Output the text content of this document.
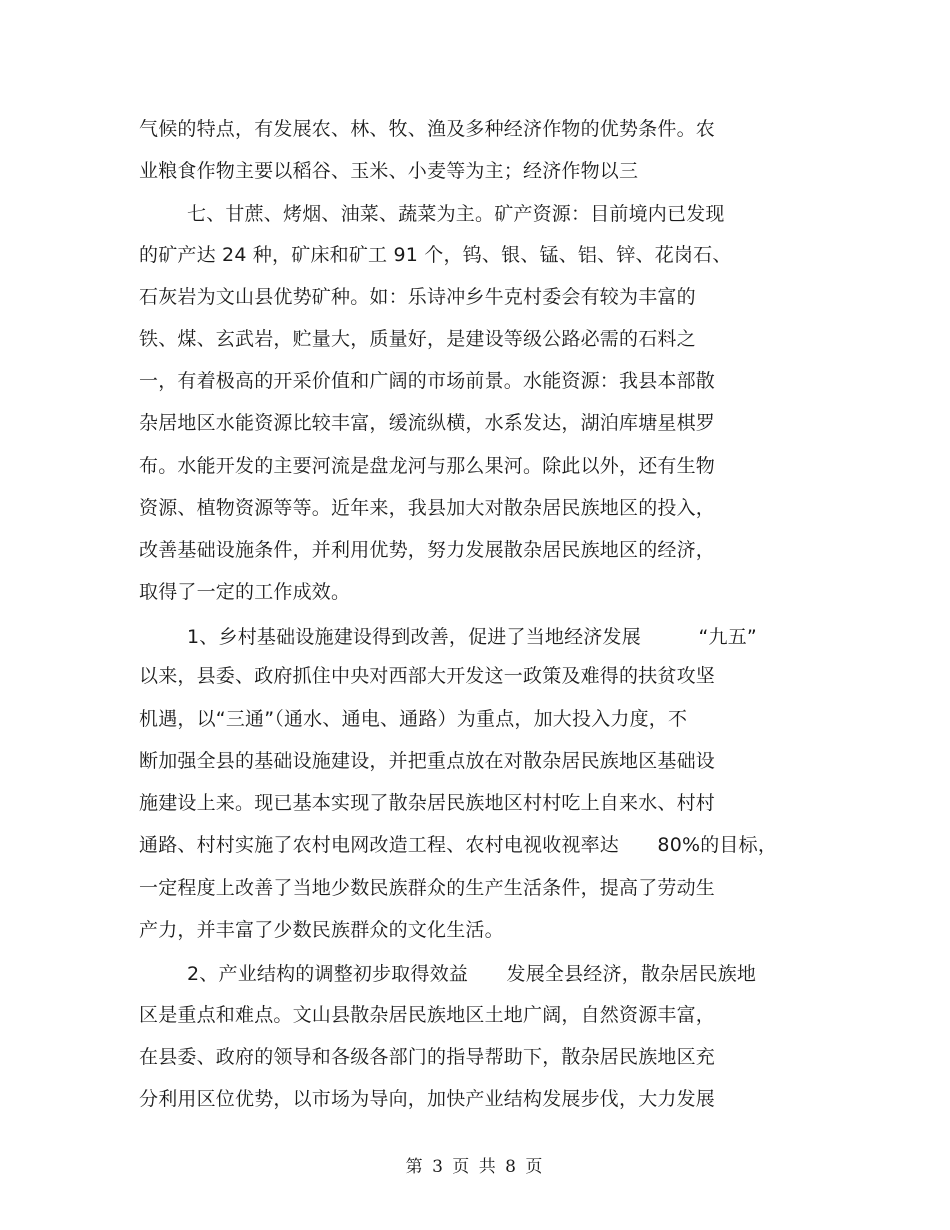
气候的特点，有发展农、林、牧、渔及多种经济作物的优势条件。农
业粮食作物主要以稻谷、玉米、小麦等为主；经济作物以三
七、甘蔗、烤烟、油菜、蔬菜为主。矿产资源：目前境内已发现
的矿产达 24 种，矿床和矿工 91 个，钨、银、锰、铝、锌、花岗石、
石灰岩为文山县优势矿种。如：乐诗冲乡牛克村委会有较为丰富的
铁、煤、玄武岩，贮量大，质量好，是建设等级公路必需的石料之
一，有着极高的开采价值和广阔的市场前景。水能资源：我县本部散
杂居地区水能资源比较丰富，缓流纵横，水系发达，湖泊库塘星棋罗
布。水能开发的主要河流是盘龙河与那么果河。除此以外，还有生物
资源、植物资源等等。近年来，我县加大对散杂居民族地区的投入，
改善基础设施条件，并利用优势，努力发展散杂居民族地区的经济，
取得了一定的工作成效。
1、乡村基础设施建设得到改善，促进了当地经济发展　　　“九五”
以来，县委、政府抓住中央对西部大开发这一政策及难得的扶贫攻坚
机遇，以“三通”（通水、通电、通路）为重点，加大投入力度，不
断加强全县的基础设施建设，并把重点放在对散杂居民族地区基础设
施建设上来。现已基本实现了散杂居民族地区村村吃上自来水、村村
通路、村村实施了农村电网改造工程、农村电视收视率达　　80%的目标，
一定程度上改善了当地少数民族群众的生产生活条件，提高了劳动生
产力，并丰富了少数民族群众的文化生活。
2、产业结构的调整初步取得效益　　发展全县经济，散杂居民族地
区是重点和难点。文山县散杂居民族地区土地广阔，自然资源丰富，
在县委、政府的领导和各级各部门的指导帮助下，散杂居民族地区充
分利用区位优势，以市场为导向，加快产业结构发展步伐，大力发展
第 3 页 共 8 页
